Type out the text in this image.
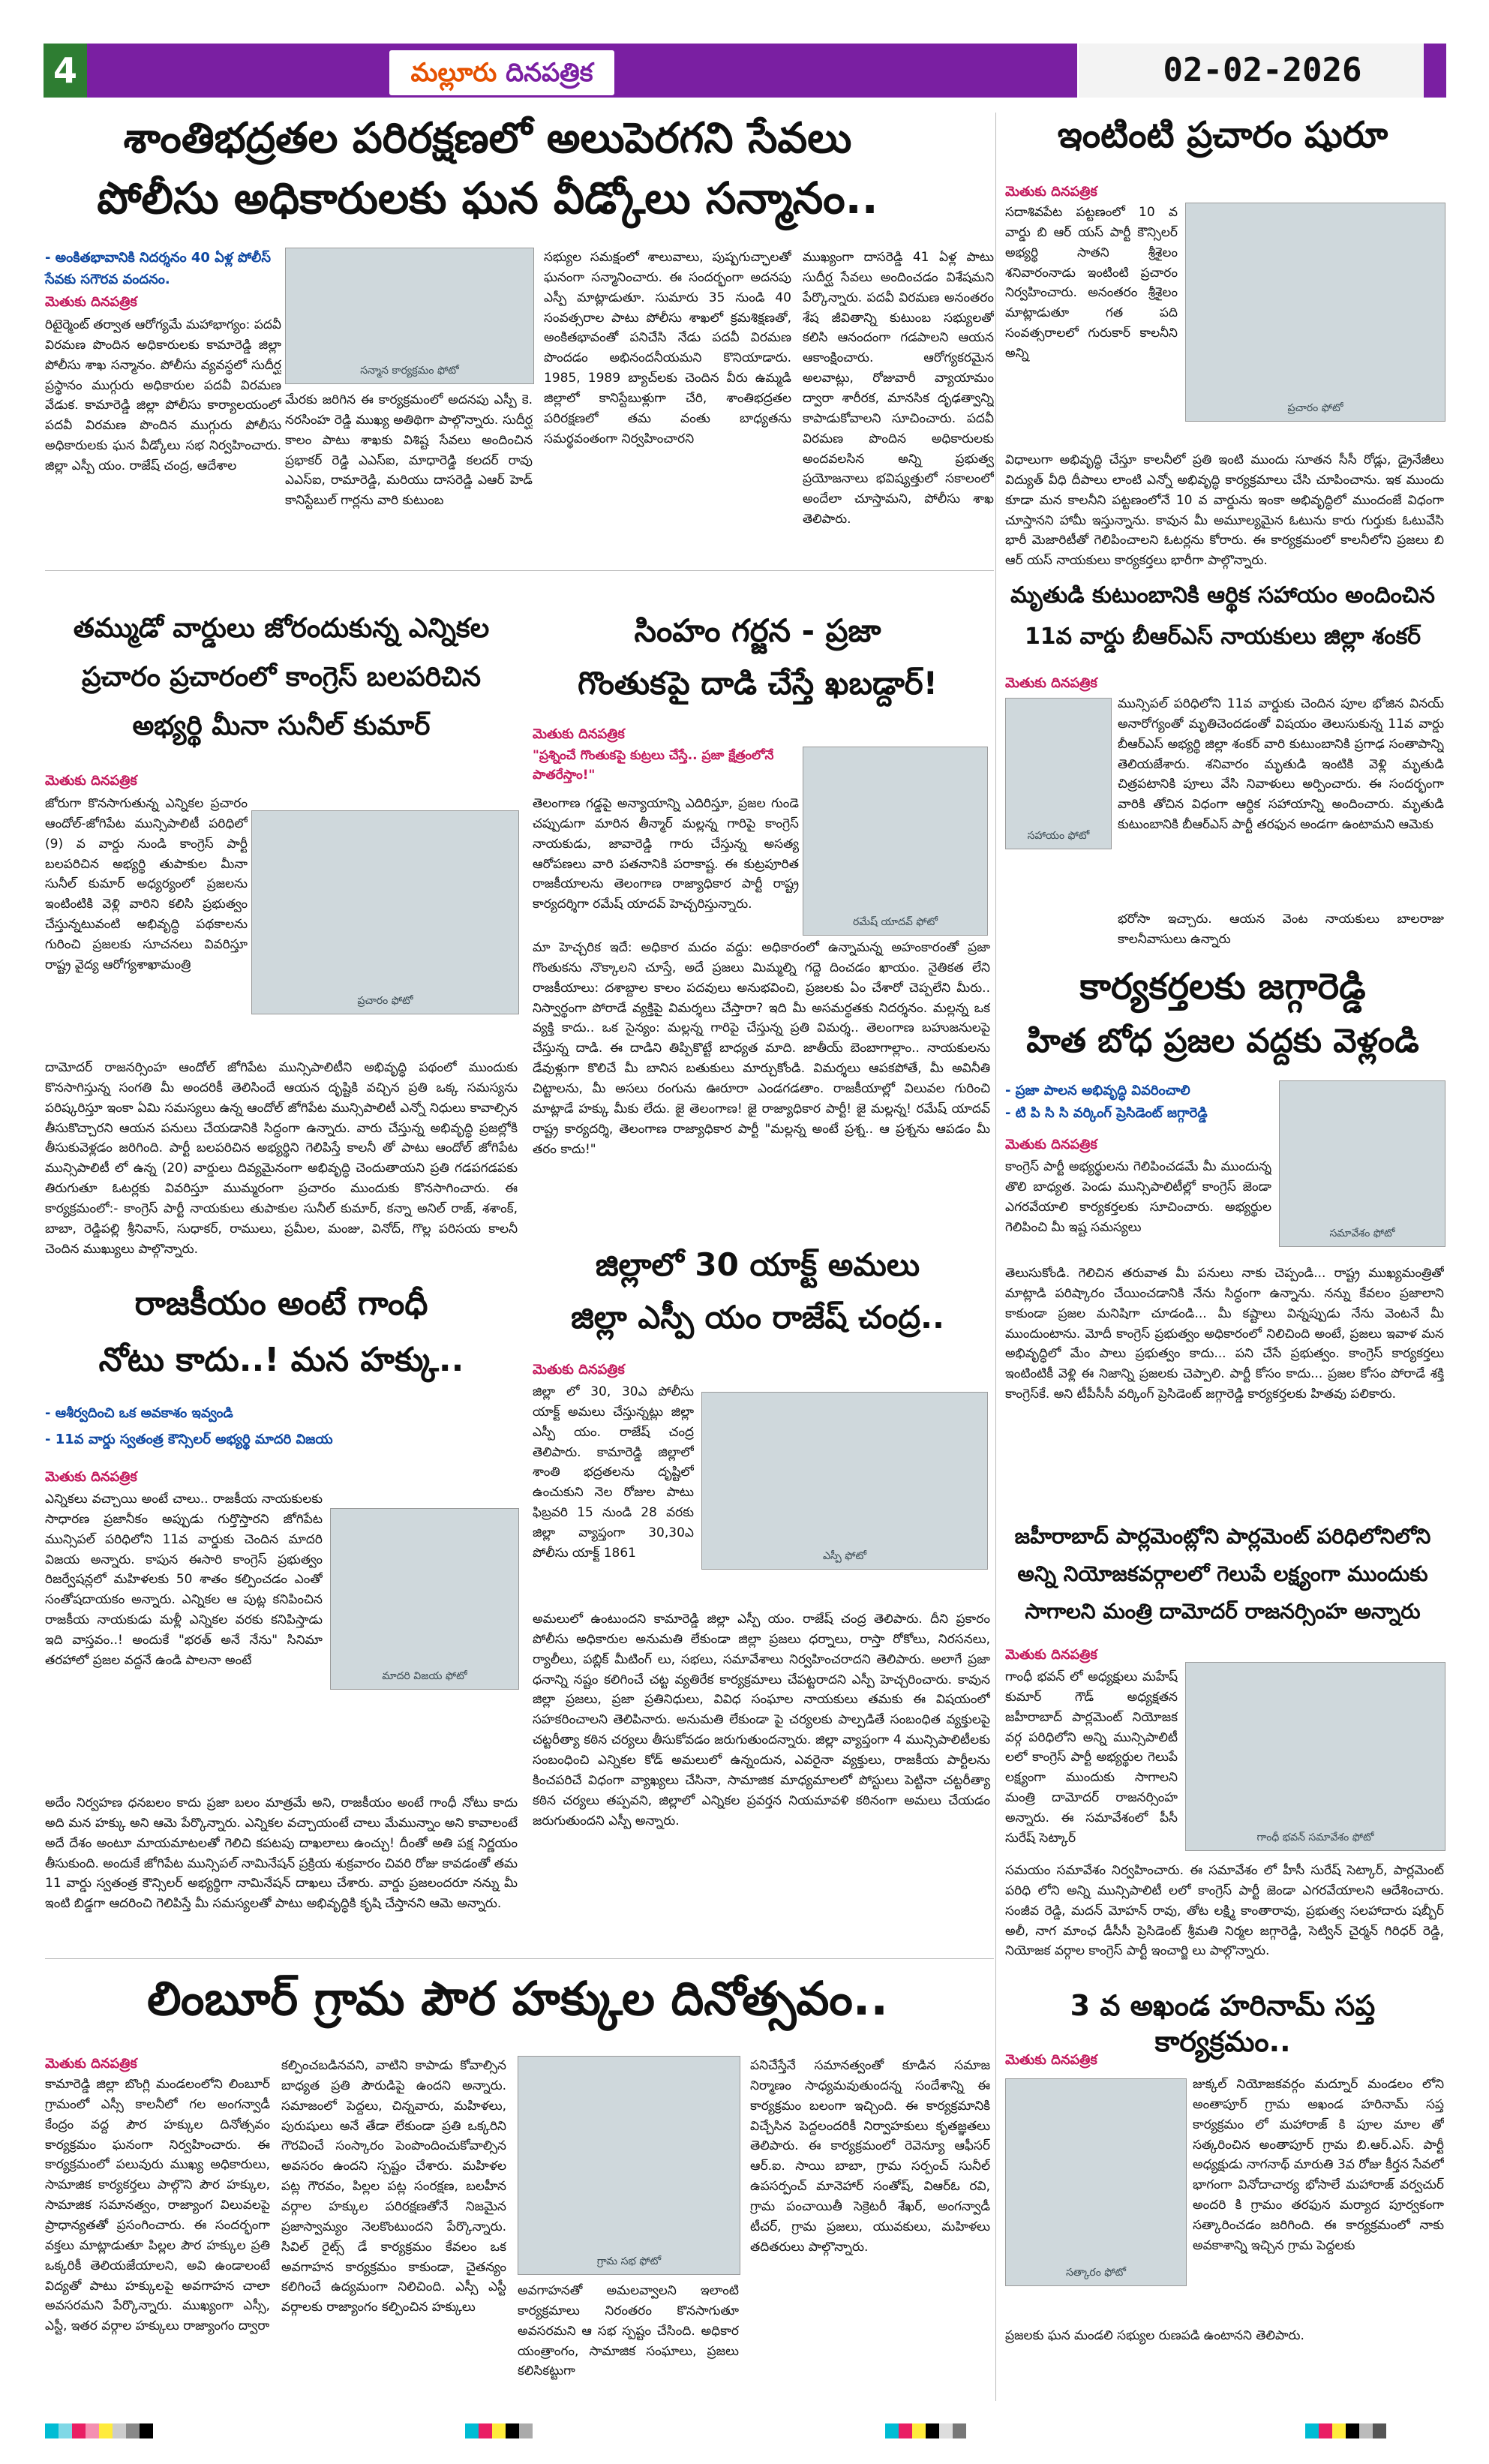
4	మల్లూరు దినపత్రిక	02-02-2026
శాంతిభద్రతల పరిరక్షణలో అలుపెరగని సేవలు
పోలీసు అధికారులకు ఘన వీడ్కోలు సన్మానం..
- అంకితభావానికి నిదర్శనం 40 ఏళ్ల పోలీస్ సేవకు సగౌరవ వందనం.
మెతుకు దినపత్రిక
రిటైర్మెంట్ తర్వాత ఆరోగ్యమే మహాభాగ్యం: పదవీ విరమణ పొందిన అధికారులకు కామారెడ్డి జిల్లా పోలీసు శాఖ సన్మానం. పోలీసు వ్యవస్థలో సుదీర్ఘ ప్రస్థానం ముగ్గురు అధికారుల పదవీ విరమణ వేడుక. కామారెడ్డి జిల్లా పోలీసు కార్యాలయంలో పదవీ విరమణ పొందిన ముగ్గురు పోలీసు అధికారులకు ఘన వీడ్కోలు సభ నిర్వహించారు. జిల్లా ఎస్పీ యం. రాజేష్ చంద్ర, ఆదేశాల
సన్మాన కార్యక్రమం ఫోటో
మేరకు జరిగిన ఈ కార్యక్రమంలో అదనపు ఎస్పీ కె. నరసింహ రెడ్డి ముఖ్య అతిథిగా పాల్గొన్నారు. సుదీర్ఘ కాలం పాటు శాఖకు విశిష్ట సేవలు అందించిన ప్రభాకర్ రెడ్డి ఎఎస్ఐ, మాధారెడ్డి కలదర్ రావు ఎఎస్ఐ, రామారెడ్డి, మరియు దాసరెడ్డి ఎఆర్ హెడ్ కానిస్టేబుల్ గార్లను వారి కుటుంబ
సభ్యుల సమక్షంలో శాలువాలు, పుష్పగుచ్ఛాలతో ఘనంగా సన్మానించారు. ఈ సందర్భంగా అదనపు ఎస్పీ మాట్లాడుతూ. సుమారు 35 నుండి 40 సంవత్సరాల పాటు పోలీసు శాఖలో క్రమశిక్షణతో, అంకితభావంతో పనిచేసి నేడు పదవీ విరమణ పొందడం అభినందనీయమని కొనియాడారు. 1985, 1989 బ్యాచ్‌లకు చెందిన వీరు ఉమ్మడి జిల్లాలో కానిస్టేబుళ్లుగా చేరి, శాంతిభద్రతల పరిరక్షణలో తమ వంతు బాధ్యతను సమర్థవంతంగా నిర్వహించారని
ముఖ్యంగా దాసరెడ్డి 41 ఏళ్ల పాటు సుదీర్ఘ సేవలు అందించడం విశేషమని పేర్కొన్నారు. పదవీ విరమణ అనంతరం శేష జీవితాన్ని కుటుంబ సభ్యులతో కలిసి ఆనందంగా గడపాలని ఆయన ఆకాంక్షించారు. ఆరోగ్యకరమైన అలవాట్లు, రోజువారీ వ్యాయామం ద్వారా శారీరక, మానసిక దృఢత్వాన్ని కాపాడుకోవాలని సూచించారు. పదవీ విరమణ పొందిన అధికారులకు అందవలసిన అన్ని ప్రభుత్వ ప్రయోజనాలు భవిష్యత్తులో సకాలంలో అందేలా చూస్తామని, పోలీసు శాఖ తెలిపారు.
ఇంటింటి ప్రచారం షురూ
మెతుకు దినపత్రిక
సదాశివపేట పట్టణంలో 10 వ వార్డు బి ఆర్ యస్ పార్టీ కౌన్సిలర్ అభ్యర్థి సాతని శ్రీశైలం శనివారంనాడు ఇంటింటి ప్రచారం నిర్వహించారు. అనంతరం శ్రీశైలం మాట్లాడుతూ గత పది సంవత్సరాలలో గురుకార్ కాలనీని అన్ని
ప్రచారం ఫోటో
విధాలుగా అభివృద్ధి చేస్తూ కాలనీలో ప్రతి ఇంటి ముందు సూతన సీసీ రోడ్లు, డ్రైనేజీలు విద్యుత్ వీధి దీపాలు లాంటి ఎన్నో అభివృద్ధి కార్యక్రమాలు చేసి చూపించాను. ఇక ముందు కూడా మన కాలనీని పట్టణంలోనే 10 వ వార్డును ఇంకా అభివృద్ధిలో ముందంజే విధంగా చూస్తానని హామీ ఇస్తున్నాను. కావున మీ అమూల్యమైన ఓటును కారు గుర్తుకు ఓటువేసి భారీ మెజారిటీతో గెలిపించాలని ఓటర్లను కోరారు. ఈ కార్యక్రమంలో కాలనీలోని ప్రజలు బి ఆర్ యస్ నాయకులు కార్యకర్తలు భారీగా పాల్గొన్నారు.
తమ్ముడో వార్డులు జోరందుకున్న ఎన్నికల
ప్రచారం ప్రచారంలో కాంగ్రెస్ బలపరిచిన
అభ్యర్థి మీనా సునీల్ కుమార్
మెతుకు దినపత్రిక
జోరుగా కొనసాగుతున్న ఎన్నికల ప్రచారం ఆందోల్-జోగిపేట మున్సిపాలిటీ పరిధిలో (9) వ వార్డు నుండి కాంగ్రెస్ పార్టీ బలపరిచిన అభ్యర్థి తుపాకుల మీనా సునీల్ కుమార్ అధ్యర్యంలో ప్రజలను ఇంటింటికి వెళ్లి వారిని కలిసి ప్రభుత్వం చేస్తున్నటువంటి అభివృద్ధి పథకాలను గురించి ప్రజలకు సూచనలు వివరిస్తూ రాష్ట్ర వైద్య ఆరోగ్యశాఖామంత్రి
ప్రచారం ఫోటో
దామోదర్ రాజనర్సింహ ఆందోల్ జోగిపేట మున్సిపాలిటీని అభివృద్ధి పథంలో ముందుకు కొనసాగిస్తున్న సంగతి మీ అందరికీ తెలిసిందే ఆయన దృష్టికి వచ్చిన ప్రతి ఒక్క సమస్యను పరిష్కరిస్తూ ఇంకా ఏమి సమస్యలు ఉన్న ఆందోల్ జోగిపేట మున్సిపాలిటీ ఎన్నో నిధులు కావాల్సిన తీసుకొచ్చారని ఆయన పనులు చేయడానికి సిద్ధంగా ఉన్నారు. వారు చేస్తున్న అభివృద్ధి ప్రజల్లోకి తీసుకువెళ్లడం జరిగింది. పార్టీ బలపరిచిన అభ్యర్థిని గెలిపిస్తే కాలనీ తో పాటు ఆందోల్ జోగిపేట మున్సిపాలిటీ లో ఉన్న (20) వార్డులు దివ్యమైనంగా అభివృద్ధి చెందుతాయని ప్రతి గడపగడపకు తిరుగుతూ ఓటర్లకు వివరిస్తూ ముమ్మరంగా ప్రచారం ముందుకు కొనసాగించారు. ఈ కార్యక్రమంలో:- కాంగ్రెస్ పార్టీ నాయకులు తుపాకుల సునీల్ కుమార్, కన్నా అనిల్ రాజ్, శశాంక్, బాబా, రెడ్డిపల్లి శ్రీనివాస్, సుధాకర్, రాములు, ప్రమీల, మంజు, వినోద్, గొల్ల పరిసయ కాలనీ చెందిన ముఖ్యులు పాల్గొన్నారు.
సింహం గర్జన - ప్రజా
గొంతుకపై దాడి చేస్తే ఖబడ్దార్!
మెతుకు దినపత్రిక
"ప్రశ్నించే గొంతుకపై కుట్రలు చేస్తే.. ప్రజా క్షేత్రంలోనే పాతరేస్తాం!"
రమేష్ యాదవ్ ఫోటో
తెలంగాణ గడ్డపై అన్యాయాన్ని ఎదిరిస్తూ, ప్రజల గుండె చప్పుడుగా మారిన తీన్మార్ మల్లన్న గారిపై కాంగ్రెస్ నాయకుడు, జావారెడ్డి గారు చేస్తున్న అసత్య ఆరోపణలు వారి పతనానికి పరాకాష్ట. ఈ కుట్రపూరిత రాజకీయాలను తెలంగాణ రాజ్యాధికార పార్టీ రాష్ట్ర కార్యదర్శిగా రమేష్ యాదవ్ హెచ్చరిస్తున్నారు.
మా హెచ్చరిక ఇదే: అధికార మదం వద్దు: అధికారంలో ఉన్నామన్న అహంకారంతో ప్రజా గొంతుకను నొక్కాలని చూస్తే, అదే ప్రజలు మిమ్మల్ని గద్దె దించడం ఖాయం. నైతికత లేని రాజకీయాలు: దశాబ్దాల కాలం పదవులు అనుభవించి, ప్రజలకు ఏం చేశారో చెప్పలేని మీరు.. నిస్వార్థంగా పోరాడే వ్యక్తిపై విమర్శలు చేస్తారా? ఇది మీ అసమర్థతకు నిదర్శనం. మల్లన్న ఒక వ్యక్తి కాదు.. ఒక సైన్యం: మల్లన్న గారిపై చేస్తున్న ప్రతి విమర్శ.. తెలంగాణ బహుజనులపై చేస్తున్న దాడి. ఈ దాడిని తిప్పికొట్టే బాధ్యత మాది. జాతీయ్ బెంబాగాల్లాం.. నాయకులను డేవుళ్లుగా కొలిచే మీ బానిస బతుకులు మార్చుకోండి. విమర్శలు ఆపకపోతే, మీ అవినీతి చిట్టాలను, మీ అసలు రంగును ఊరూరా ఎండగడతాం. రాజకీయాల్లో విలువల గురించి మాట్లాడే హక్కు మీకు లేదు. జై తెలంగాణ! జై రాజ్యాధికార పార్టీ! జై మల్లన్న! రమేష్ యాదవ్ రాష్ట్ర కార్యదర్శి, తెలంగాణ రాజ్యాధికార పార్టీ "మల్లన్న అంటే ప్రశ్న.. ఆ ప్రశ్నను ఆపడం మీ తరం కాదు!"
మృతుడి కుటుంబానికి ఆర్థిక సహాయం అందించిన
11వ వార్డు బీఆర్ఎస్ నాయకులు జిల్లా శంకర్
మెతుకు దినపత్రిక
సహాయం ఫోటో
మున్సిపల్ పరిధిలోని 11వ వార్డుకు చెందిన పూల భోజిన వినయ్ అనారోగ్యంతో మృతిచెందడంతో విషయం తెలుసుకున్న 11వ వార్డు బీఆర్ఎస్ అభ్యర్థి జిల్లా శంకర్ వారి కుటుంబానికి ప్రగాఢ సంతాపాన్ని తెలియజేశారు. శనివారం మృతుడి ఇంటికి వెళ్లి మృతుడి చిత్రపటానికి పూలు వేసి నివాళులు అర్పించారు. ఈ సందర్భంగా వారికి తోచిన విధంగా ఆర్థిక సహాయాన్ని అందించారు. మృతుడి కుటుంబానికి బీఆర్ఎస్ పార్టీ తరఫున అండగా ఉంటామని ఆమెకు
భరోసా ఇచ్చారు. ఆయన వెంట నాయకులు బాలరాజు కాలనీవాసులు ఉన్నారు
కార్యకర్తలకు జగ్గారెడ్డి
హిత బోధ ప్రజల వద్దకు వెళ్లండి
- ప్రజా పాలన అభివృద్ధి వివరించాలి
- టి పి సి సి వర్కింగ్ ప్రెసిడెంట్ జగ్గారెడ్డి
మెతుకు దినపత్రిక
కాంగ్రెస్ పార్టీ అభ్యర్థులను గెలిపించడమే మీ ముందున్న తొలి బాధ్యత. పెండు మున్సిపాలిటీల్లో కాంగ్రెస్ జెండా ఎగరవేయాలి కార్యకర్తలకు సూచించారు. అభ్యర్థుల గెలిపించి మీ ఇష్ట సమస్యలు	సమావేశం ఫోటో
తెలుసుకోండి. గెలిచిన తరువాత మీ పనులు నాకు చెప్పండి... రాష్ట్ర ముఖ్యమంత్రితో మాట్లాడి పరిష్కారం చేయించడానికి నేను సిద్ధంగా ఉన్నాను. నన్ను కేవలం ప్రజాలాని కాకుండా ప్రజల మనిషిగా చూడండి... మీ కష్టాలు విన్నప్పుడు నేను వెంటనే మీ ముందుంటాను. మోదీ కాంగ్రెస్ ప్రభుత్వం అధికారంలో నిలిచింది అంటే, ప్రజలు ఇవాళ మన అభివృద్ధిలో మేం పాలు ప్రభుత్వం కాదు... పని చేసే ప్రభుత్వం. కాంగ్రెస్ కార్యకర్తలు ఇంటింటికీ వెళ్లి ఈ నిజాన్ని ప్రజలకు చెప్పాలి. పార్టీ కోసం కాదు... ప్రజల కోసం పోరాడే శక్తి కాంగ్రెస్‌కే. అని టీపీసీసీ వర్కింగ్ ప్రెసిడెంట్ జగ్గారెడ్డి కార్యకర్తలకు హితవు పలికారు.
రాజకీయం అంటే గాంధీ
నోటు కాదు..! మన హక్కు..
- ఆశీర్వదించి ఒక అవకాశం ఇవ్వండి
- 11వ వార్డు స్వతంత్ర కౌన్సిలర్ అభ్యర్థి మాదరి విజయ
మెతుకు దినపత్రిక
ఎన్నికలు వచ్చాయి అంటే చాలు.. రాజకీయ నాయకులకు సాధారణ ప్రజానీకం అప్పుడు గుర్తొస్తారని జోగిపేట మున్సిపల్ పరిధిలోని 11వ వార్డుకు చెందిన మాదరి విజయ అన్నారు. కాపున ఈసారి కాంగ్రెస్ ప్రభుత్వం రిజర్వేషన్లలో మహిళలకు 50 శాతం కల్పించడం ఎంతో సంతోషదాయకం అన్నారు. ఎన్నికల ఆ పుట్ల కనిపించిన రాజకీయ నాయకుడు మళ్లీ ఎన్నికల వరకు కనిపిస్తాడు ఇది వాస్తవం..! అందుకే "భరత్ అనే నేను" సినిమా తరహాలో ప్రజల వద్దనే ఉండి పాలనా అంటే
మాదరి విజయ ఫోటో
అదేం నిర్వహణ ధనబలం కాదు ప్రజా బలం మాత్రమే అని, రాజకీయం అంటే గాంధీ నోటు కాదు అది మన హక్కు అని ఆమె పేర్కొన్నారు. ఎన్నికల వచ్చాయంటే చాలు మేమున్నాం అని కావాలంటే అదే దేశం అంటూ మాయమాటలతో గెలిచి కపటపు దాఖలాలు ఉంచ్చు! దీంతో అతి పక్ష నిర్ణయం తీసుకుంది. అందుకే జోగిపేట మున్సిపల్ నామినేషన్ ప్రక్రియ శుక్రవారం చివరి రోజు కావడంతో తమ 11 వార్డు స్వతంత్ర కౌన్సిలర్ అభ్యర్థిగా నామినేషన్ దాఖలు చేశారు. వార్డు ప్రజలందరూ నన్ను మీ ఇంటి బిడ్డగా ఆదరించి గెలిపిస్తే మీ సమస్యలతో పాటు అభివృద్ధికి కృషి చేస్తానని ఆమె అన్నారు.
జిల్లాలో 30 యాక్ట్ అమలు
జిల్లా ఎస్పీ యం రాజేష్ చంద్ర..
మెతుకు దినపత్రిక
జిల్లా లో 30, 30ఎ పోలీసు యాక్ట్ అమలు చేస్తున్నట్లు జిల్లా ఎస్పీ యం. రాజేష్ చంద్ర తెలిపారు. కామారెడ్డి జిల్లాలో శాంతి భద్రతలను దృష్టిలో ఉంచుకుని నెల రోజుల పాటు ఫిబ్రవరి 15 నుండి 28 వరకు జిల్లా వ్యాప్తంగా 30,30ఎ పోలీసు యాక్ట్ 1861	ఎస్పీ ఫోటో
అమలులో ఉంటుందని కామారెడ్డి జిల్లా ఎస్పీ యం. రాజేష్ చంద్ర తెలిపారు. దీని ప్రకారం పోలీసు అధికారుల అనుమతి లేకుండా జిల్లా ప్రజలు ధర్నాలు, రాస్తా రోకోలు, నిరసనలు, ర్యాలీలు, పబ్లిక్ మీటింగ్ లు, సభలు, సమావేశాలు నిర్వహించరాదని తెలిపారు. అలాగే ప్రజా ధనాన్ని నష్టం కలిగించే చట్ట వ్యతిరేక కార్యక్రమాలు చేపట్టరాదని ఎస్పీ హెచ్చరించారు. కావున జిల్లా ప్రజలు, ప్రజా ప్రతినిధులు, వివిధ సంఘాల నాయకులు తమకు ఈ విషయంలో సహకరించాలని తెలిపినారు. అనుమతి లేకుండా పై చర్యలకు పాల్పడితే సంబంధిత వ్యక్తులపై చట్టరీత్యా కఠిన చర్యలు తీసుకోవడం జరుగుతుందన్నారు. జిల్లా వ్యాప్తంగా 4 మున్సిపాలిటీలకు సంబంధించి ఎన్నికల కోడ్ అమలులో ఉన్నందున, ఎవరైనా వ్యక్తులు, రాజకీయ పార్టీలను కించపరిచే విధంగా వ్యాఖ్యలు చేసినా, సామాజిక మాధ్యమాలలో పోస్టులు పెట్టినా చట్టరీత్యా కఠిన చర్యలు తప్పవని, జిల్లాలో ఎన్నికల ప్రవర్తన నియమావళి కఠినంగా అమలు చేయడం జరుగుతుందని ఎస్పీ అన్నారు.
జహీరాబాద్ పార్లమెంట్లోని పార్లమెంట్ పరిధిలోనిలోని
అన్ని నియోజకవర్గాలలో గెలుపే లక్ష్యంగా ముందుకు
సాగాలని మంత్రి దామోదర్ రాజనర్సింహ అన్నారు
మెతుకు దినపత్రిక
గాంధీ భవన్ లో అధ్యక్షులు మహేష్ కుమార్ గౌడ్ అధ్యక్షతన జహీరాబాద్ పార్లమెంట్ నియోజక వర్గ పరిధిలోని అన్ని మున్సిపాలిటీ లలో కాంగ్రెస్ పార్టీ అభ్యర్థుల గెలుపే లక్ష్యంగా ముందుకు సాగాలని మంత్రి దామోదర్ రాజనర్సింహ అన్నారు. ఈ సమావేశంలో పీసీ సురేష్ సెట్కార్	గాంధీ భవన్ సమావేశం ఫోటో
సమయం సమావేశం నిర్వహించారు. ఈ సమావేశం లో హీసీ సురేష్ సెట్కార్, పార్లమెంట్ పరిధి లోని అన్ని మున్సిపాలిటీ లలో కాంగ్రెస్ పార్టీ జెండా ఎగరవేయాలని ఆదేశించారు. సంజీవ రెడ్డి, మదన్ మోహన్ రావు, తోట లక్ష్మి కాంతారావు, ప్రభుత్వ సలహాదారు షబ్బీర్ అలీ, నాగ మాంఛ డీసీసీ ప్రెసిడెంట్ శ్రీమతి నిర్మల జగ్గారెడ్డి, సెట్విన్ చైర్మన్ గిరిధర్ రెడ్డి, నియోజక వర్గాల కాంగ్రెస్ పార్టీ ఇంచార్జి లు పాల్గొన్నారు.
లింబూర్ గ్రామ పౌర హక్కుల దినోత్సవం..
మెతుకు దినపత్రిక
కామారెడ్డి జిల్లా బొంగ్లి మండలంలోని లింబూర్ గ్రామంలో ఎస్సీ కాలనీలో గల అంగన్వాడీ కేంద్రం వద్ద పౌర హక్కుల దినోత్సవం కార్యక్రమం ఘనంగా నిర్వహించారు. ఈ కార్యక్రమంలో పలువురు ముఖ్య అధికారులు, సామాజిక కార్యకర్తలు పాల్గొని పౌర హక్కుల, సామాజిక సమానత్వం, రాజ్యాంగ విలువలపై ప్రాధాన్యతతో ప్రసంగించారు. ఈ సందర్భంగా వక్తలు మాట్లాడుతూ పిల్లల పౌర హక్కుల ప్రతి ఒక్కరికీ తెలియజేయాలని, అవి ఉండాలంటే విద్యతో పాటు హక్కులపై అవగాహన చాలా అవసరమని పేర్కొన్నారు. ముఖ్యంగా ఎస్సీ, ఎస్టీ, ఇతర వర్గాల హక్కులు రాజ్యాంగం ద్వారా
కల్పించబడినవని, వాటిని కాపాడు కోవాల్సిన బాధ్యత ప్రతి పౌరుడిపై ఉందని అన్నారు. సమాజంలో పెద్దలు, చిన్నవారు, మహిళలు, పురుషులు అనే తేడా లేకుండా ప్రతి ఒక్కరిని గౌరవించే సంస్కారం పెంపొందించుకోవాల్సిన అవసరం ఉందని స్పష్టం చేశారు. మహిళల పట్ల గౌరవం, పిల్లల పట్ల సంరక్షణ, బలహీన వర్గాల హక్కుల పరిరక్షణతోనే నిజమైన ప్రజాస్వామ్యం నెలకొంటుందని పేర్కొన్నారు. సివిల్ రైట్స్ డే కార్యక్రమం కేవలం ఒక అవగాహన కార్యక్రమం కాకుండా, చైతన్యం కలిగించే ఉద్యమంగా నిలిచింది. ఎస్సీ ఎస్టీ వర్గాలకు రాజ్యాంగం కల్పించిన హక్కులు
గ్రామ సభ ఫోటో
అవగాహనతో అమలవ్వాలని ఇలాంటి కార్యక్రమాలు నిరంతరం కొనసాగుతూ అవసరమని ఆ సభ స్పష్టం చేసింది. అధికార యంత్రాంగం, సామాజిక సంఘాలు, ప్రజలు కలిసికట్టుగా
పనిచేస్తేనే సమానత్వంతో కూడిన సమాజ నిర్మాణం సాధ్యమవుతుందన్న సందేశాన్ని ఈ కార్యక్రమం బలంగా ఇచ్చింది. ఈ కార్యక్రమానికి విచ్చేసిన పెద్దలందరికీ నిర్వాహకులు కృతజ్ఞతలు తెలిపారు. ఈ కార్యక్రమంలో రెవెన్యూ ఆఫీసర్ ఆర్.ఐ. సాయి బాబా, గ్రామ సర్పంచ్ సునీల్ ఉపసర్పంచ్ మానెహార్ సంతోష్, విఆర్ఓ రవి, గ్రామ పంచాయితీ సెక్రెటరీ శేఖర్, అంగన్వాడీ టీచర్, గ్రామ ప్రజలు, యువకులు, మహిళలు తదితరులు పాల్గొన్నారు.
3 వ అఖండ హరినామ్ సప్త కార్యక్రమం..
మెతుకు దినపత్రిక
సత్కారం ఫోటో
జుక్కల్ నియోజకవర్గం మద్నూర్ మండలం లోని అంతాపూర్ గ్రామ అఖండ హరినామ్ సప్త కార్యక్రమం లో మహారాజ్ కి పూల మాల తో సత్కరించిన అంతాపూర్ గ్రామ బి.ఆర్.ఎస్. పార్టీ అధ్యక్షుడు నాగనాథ్ మారుతి 3వ రోజు కీర్తన సేవలో భాగంగా వినోదాచార్య భోసాలే మహారాజ్ వర్వచుర్ అందరి కి గ్రామం తరఫున మర్యాద పూర్వకంగా సత్కారించడం జరిగింది. ఈ కార్యక్రమంలో నాకు అవకాశాన్ని ఇచ్చిన గ్రామ పెద్దలకు
ప్రజలకు ఘన మండలి సభ్యుల రుణపడి ఉంటానని తెలిపారు.
